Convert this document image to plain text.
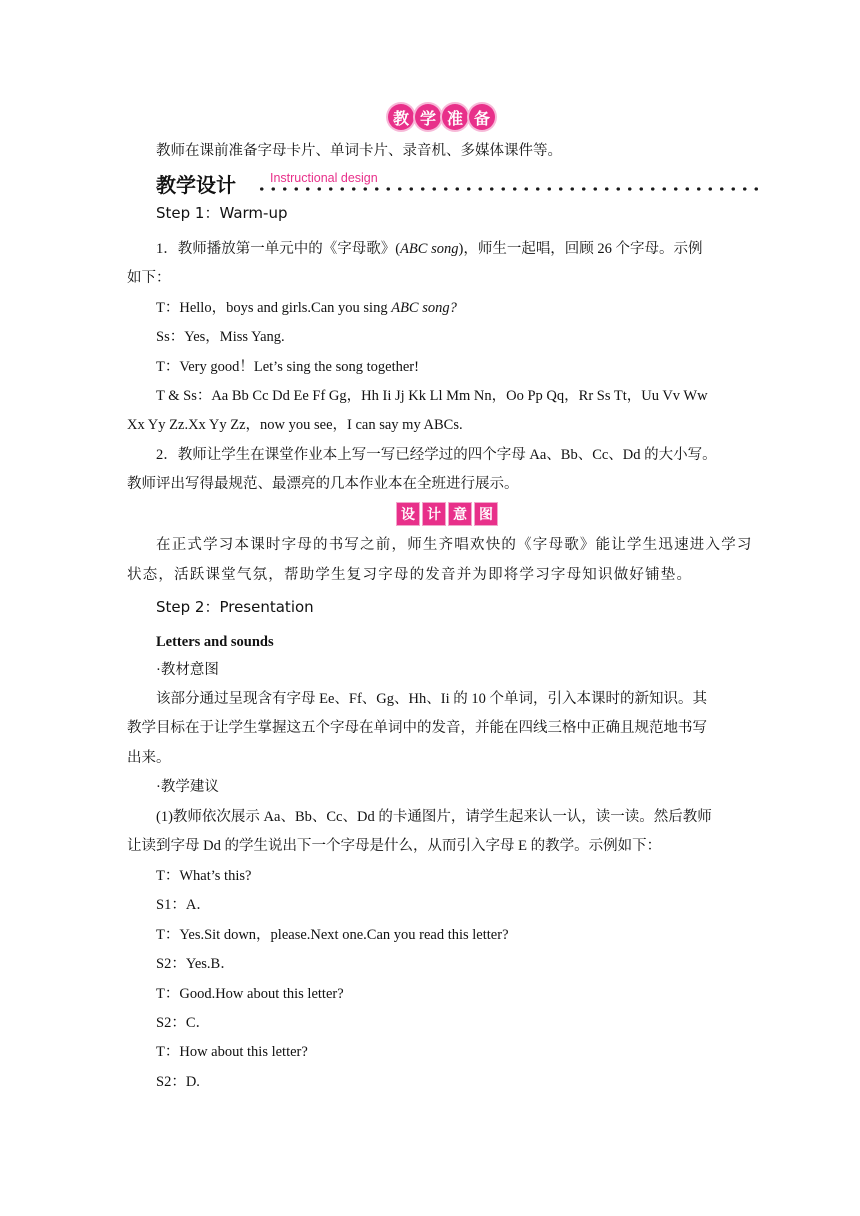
教 学 准 备
教师在课前准备字母卡片、单词卡片、录音机、多媒体课件等。
教学设计	Instructional design
Step 1：Warm-up
1．教师播放第一单元中的《字母歌》(ABC song)，师生一起唱，回顾 26 个字母。示例
如下：
T：Hello，boys and girls.Can you sing ABC song?
Ss：Yes，Miss Yang.
T：Very good！Let’s sing the song together!
T & Ss：Aa Bb Cc Dd Ee Ff Gg，Hh Ii Jj Kk Ll Mm Nn，Oo Pp Qq，Rr Ss Tt，Uu Vv Ww
Xx Yy Zz.Xx Yy Zz，now you see，I can say my ABCs.
2．教师让学生在课堂作业本上写一写已经学过的四个字母 Aa、Bb、Cc、Dd 的大小写。
教师评出写得最规范、最漂亮的几本作业本在全班进行展示。
设 计 意 图
在正式学习本课时字母的书写之前，师生齐唱欢快的《字母歌》能让学生迅速进入学习
状态，活跃课堂气氛，帮助学生复习字母的发音并为即将学习字母知识做好铺垫。
Step 2：Presentation
Letters and sounds
·教材意图
该部分通过呈现含有字母 Ee、Ff、Gg、Hh、Ii 的 10 个单词，引入本课时的新知识。其
教学目标在于让学生掌握这五个字母在单词中的发音，并能在四线三格中正确且规范地书写
出来。
·教学建议
(1)教师依次展示 Aa、Bb、Cc、Dd 的卡通图片，请学生起来认一认，读一读。然后教师
让读到字母 Dd 的学生说出下一个字母是什么，从而引入字母 E 的教学。示例如下：
T：What’s this?
S1：A．
T：Yes.Sit down，please.Next one.Can you read this letter?
S2：Yes.B．
T：Good.How about this letter?
S2：C．
T：How about this letter?
S2：D.
